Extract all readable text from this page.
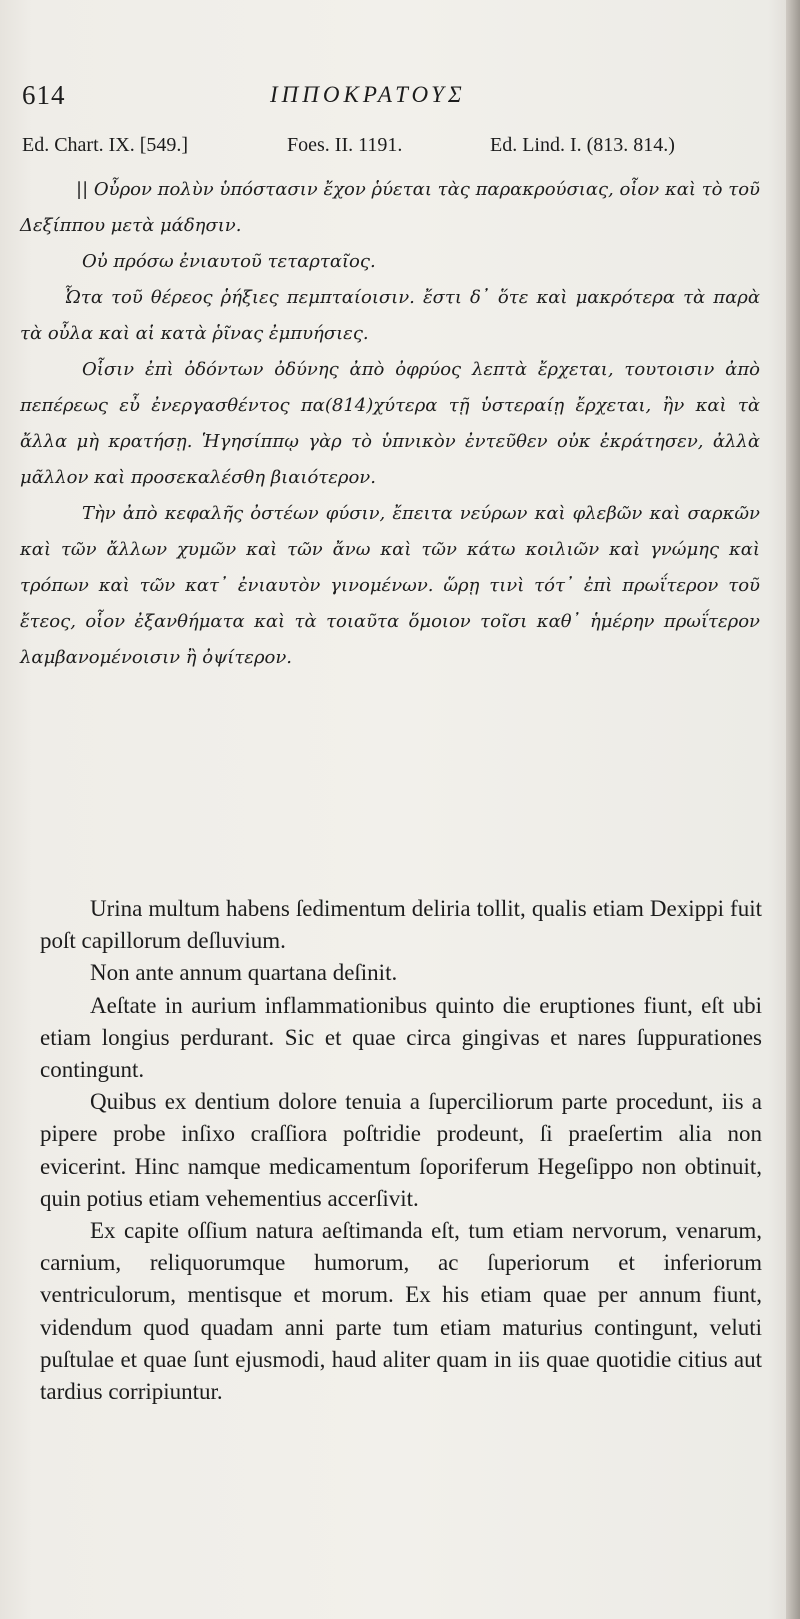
614	ΙΠΠΟΚΡΑΤΟΥΣ
Ed. Chart. IX. [549.]	Foes. II. 1191.	Ed. Lind. I. (813. 814.)

|| Οὖρον πολὺν ὑπόστασιν ἔχον ῥύεται τὰς παρακρούσιας, οἷον καὶ τὸ τοῦ Δεξίππου μετὰ μάδησιν.

Οὐ πρόσω ἐνιαυτοῦ τεταρταῖος.

Ὦτα τοῦ θέρεος ῥήξιες πεμπταίοισιν. ἔστι δ᾽ ὅτε καὶ μακρότερα τὰ παρὰ τὰ οὖλα καὶ αἱ κατὰ ῥῖνας ἐμπυήσιες.

Οἷσιν ἐπὶ ὀδόντων ὀδύνης ἀπὸ ὀφρύος λεπτὰ ἔρχεται, τουτοισιν ἀπὸ πεπέρεως εὖ ἐνεργασθέντος πα(814)χύτερα τῇ ὑστεραίῃ ἔρχεται, ἢν καὶ τὰ ἄλλα μὴ κρατήσῃ. Ἡγησίππῳ γὰρ τὸ ὑπνικὸν ἐντεῦθεν οὐκ ἐκράτησεν, ἀλλὰ μᾶλλον καὶ προσεκαλέσθη βιαιότερον.

Τὴν ἀπὸ κεφαλῆς ὀστέων φύσιν, ἔπειτα νεύρων καὶ φλεβῶν καὶ σαρκῶν καὶ τῶν ἄλλων χυμῶν καὶ τῶν ἄνω καὶ τῶν κάτω κοιλιῶν καὶ γνώμης καὶ τρόπων καὶ τῶν κατ᾽ ἐνιαυτὸν γινομένων. ὥρῃ τινὶ τότ᾽ ἐπὶ πρωΐτερον τοῦ ἔτεος, οἷον ἐξανθήματα καὶ τὰ τοιαῦτα ὅμοιον τοῖσι καθ᾽ ἡμέρην πρωΐτερον λαμβανομένοισιν ἢ ὀψίτερον.

Urina multum habens ſedimentum deliria tollit, qualis etiam Dexippi fuit poſt capillorum deſluvium.

Non ante annum quartana deſinit.

Aeſtate in aurium inflammationibus quinto die eruptiones fiunt, eſt ubi etiam longius perdurant. Sic et quae circa gingivas et nares ſuppurationes contingunt.

Quibus ex dentium dolore tenuia a ſuperciliorum parte procedunt, iis a pipere probe inſixo craſſiora poſtridie prodeunt, ſi praeſertim alia non evicerint. Hinc namque medicamentum ſoporiferum Hegeſippo non obtinuit, quin potius etiam vehementius accerſivit.

Ex capite oſſium natura aeſtimanda eſt, tum etiam nervorum, venarum, carnium, reliquorumque humorum, ac ſuperiorum et inferiorum ventriculorum, mentisque et morum. Ex his etiam quae per annum fiunt, videndum quod quadam anni parte tum etiam maturius contingunt, veluti puſtulae et quae ſunt ejusmodi, haud aliter quam in iis quae quotidie citius aut tardius corripiuntur.
